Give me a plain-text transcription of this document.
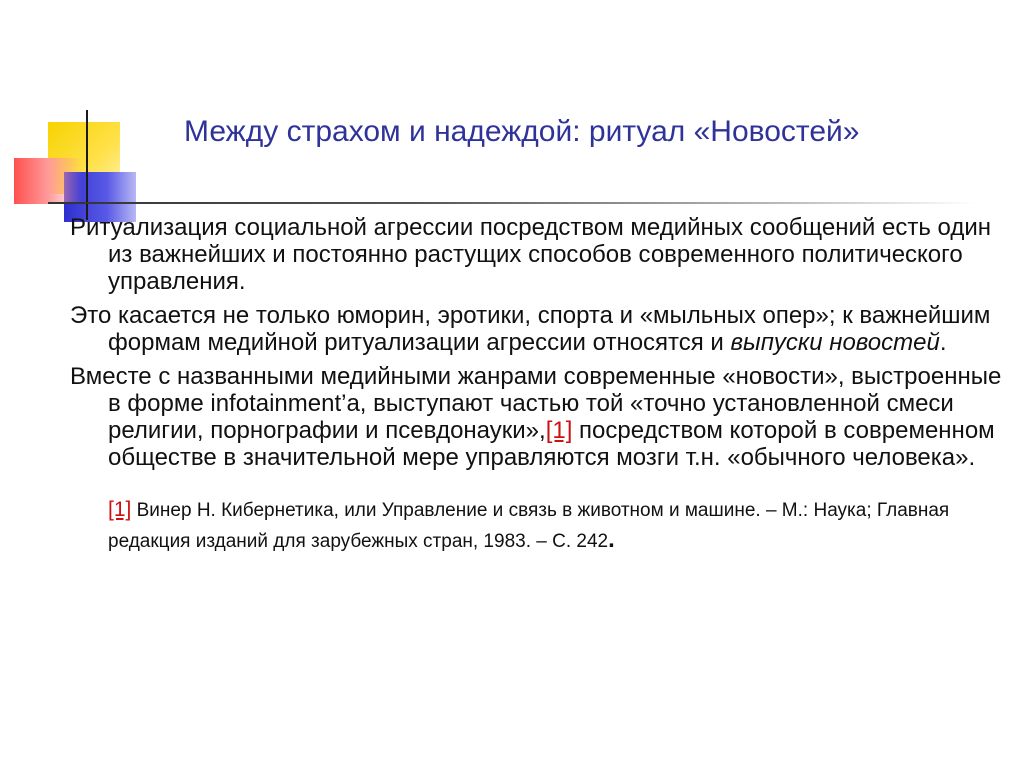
Между страхом и надеждой: ритуал «Новостей»

Ритуализация социальной агрессии посредством медийных сообщений есть один из важнейших и постоянно растущих способов современного политического управления.

Это касается не только юморин, эротики, спорта и «мыльных опер»; к важнейшим формам медийной ритуализации агрессии относятся и выпуски новостей.

Вместе с названными медийными жанрами современные «новости», выстроенные в форме infotainment’а, выступают частью той «точно установленной смеси религии, порнографии и псевдонауки»,[1] посредством которой в современном обществе в значительной мере управляются мозги т.н. «обычного человека».

[1] Винер Н. Кибернетика, или Управление и связь в животном и машине. – М.: Наука; Главная редакция изданий для зарубежных стран, 1983. – С. 242.
